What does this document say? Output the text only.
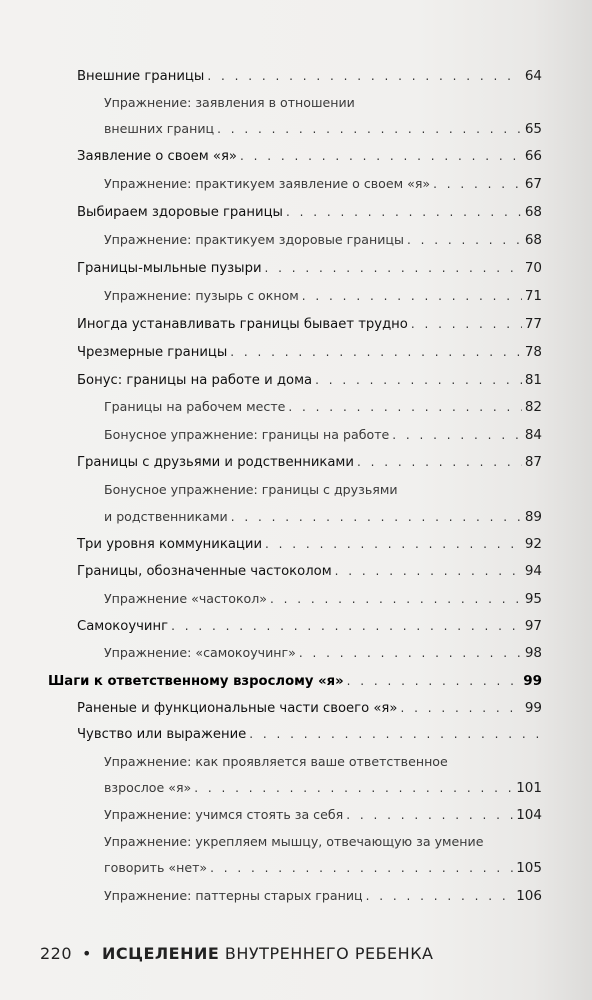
Внешние границы . . .	64
Упражнение: заявления в отношении
внешних границ . . .	65
Заявление о своем «я» . . .	66
Упражнение: практикуем заявление о своем «я» . . .	67
Выбираем здоровые границы . . .	68
Упражнение: практикуем здоровые границы . . .	68
Границы-мыльные пузыри . . .	70
Упражнение: пузырь с окном . . .	71
Иногда устанавливать границы бывает трудно . . .	77
Чрезмерные границы . . .	78
Бонус: границы на работе и дома . . .	81
Границы на рабочем месте . . .	82
Бонусное упражнение: границы на работе . . .	84
Границы с друзьями и родственниками . . .	87
Бонусное упражнение: границы с друзьями
и родственниками . . .	89
Три уровня коммуникации . . .	92
Границы, обозначенные частоколом . . .	94
Упражнение «частокол» . . .	95
Самокоучинг . . .	97
Упражнение: «самокоучинг» . . .	98
Шаги к ответственному взрослому «я» . . .	99
Раненые и функциональные части своего «я» . . .	99
Чувство или выражение
. . .
Упражнение: как проявляется ваше ответственное
взрослое «я» . . .	101
Упражнение: учимся стоять за себя . . .	104
Упражнение: укрепляем мышцу, отвечающую за умение
говорить «нет» . . .	105
Упражнение: паттерны старых границ . . .	106
220 • ИСЦЕЛЕНИЕ ВНУТРЕННЕГО РЕБЕНКА
